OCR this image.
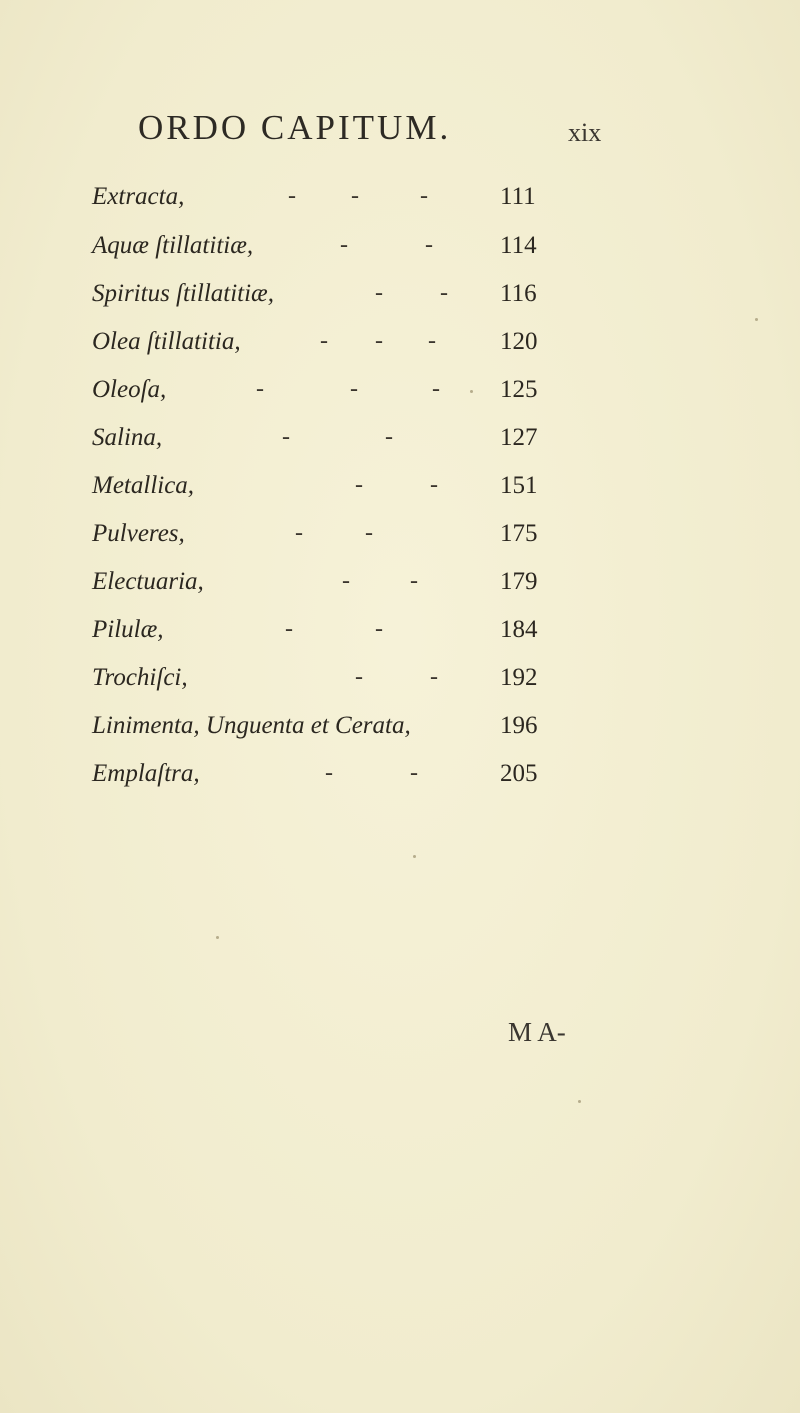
ORDO CAPITUM.	xix
Extracta,	- -	-	111
Aquæ ſtillatitiæ,	-	-	114
Spiritus ſtillatitiæ,	- - 116
Olea ſtillatitia,	- - -	120
Oleoſa,	-	-	- 125
Salina,	-	-	127
Metallica,	-	- 151
Pulveres,	-	-	175
Electuaria,	-	-	179
Pilulæ,	-	-	184
Trochiſci,	-	- 192
Linimenta, Unguenta et Cerata,	196
Emplaſtra,	-	-	205
M A-
